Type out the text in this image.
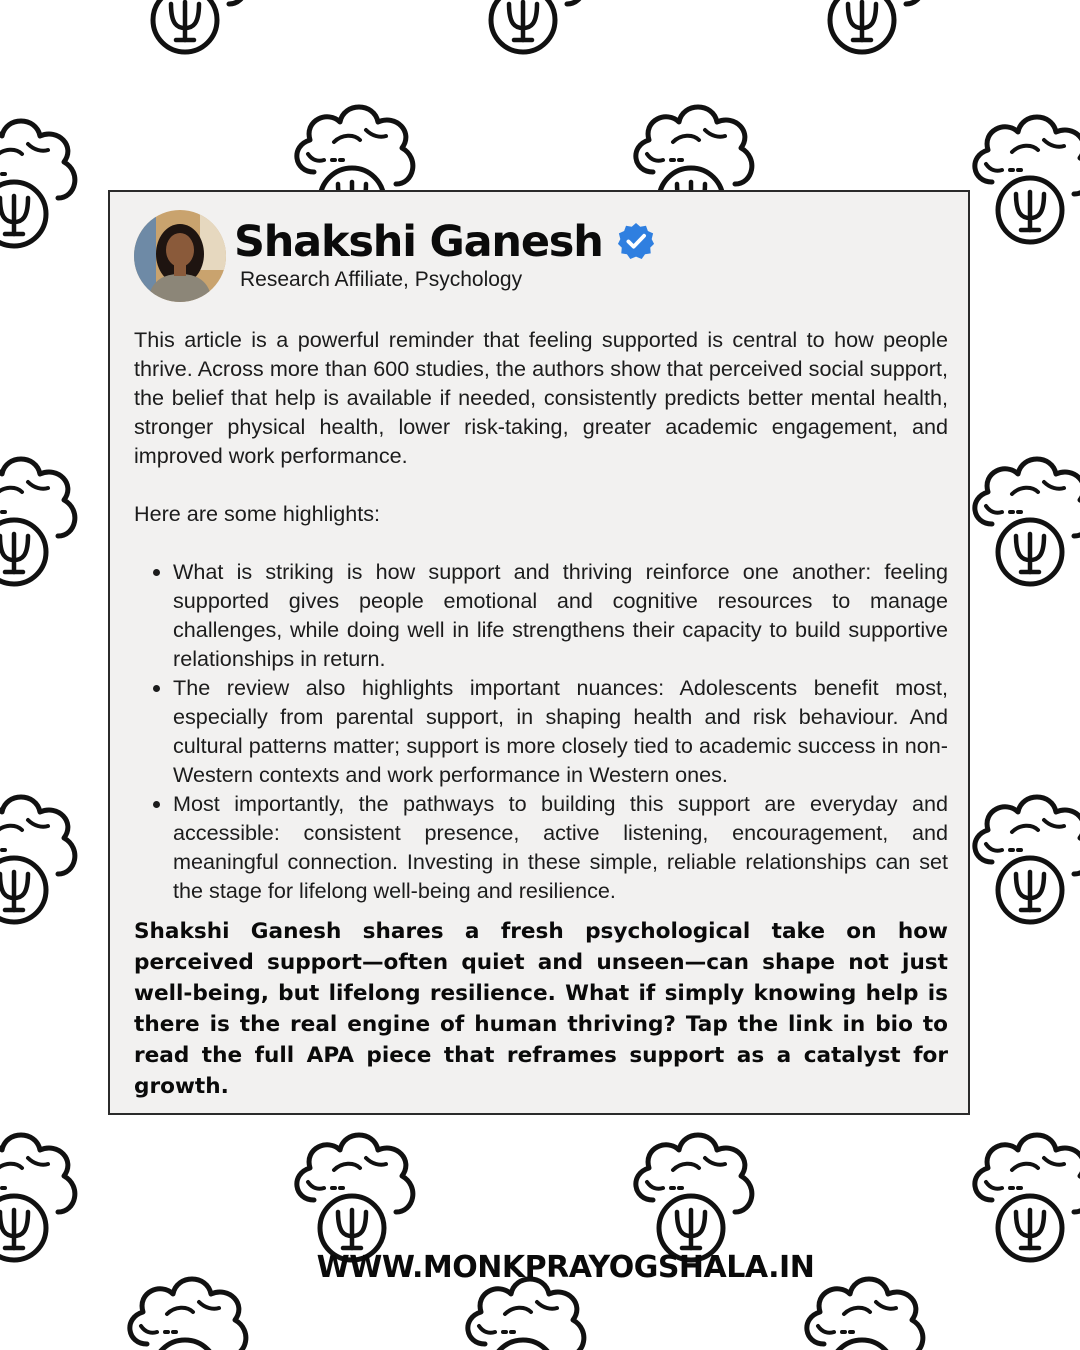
Shakshi Ganesh
Research Affiliate, Psychology

This article is a powerful reminder that feeling supported is central to how people thrive. Across more than 600 studies, the authors show that perceived social support, the belief that help is available if needed, consistently predicts better mental health, stronger physical health, lower risk-taking, greater academic engagement, and improved work performance.

Here are some highlights:

• What is striking is how support and thriving reinforce one another: feeling supported gives people emotional and cognitive resources to manage challenges, while doing well in life strengthens their capacity to build supportive relationships in return.
• The review also highlights important nuances: Adolescents benefit most, especially from parental support, in shaping health and risk behaviour. And cultural patterns matter; support is more closely tied to academic success in non-Western contexts and work performance in Western ones.
• Most importantly, the pathways to building this support are everyday and accessible: consistent presence, active listening, encouragement, and meaningful connection. Investing in these simple, reliable relationships can set the stage for lifelong well-being and resilience.

Shakshi Ganesh shares a fresh psychological take on how perceived support—often quiet and unseen—can shape not just well-being, but lifelong resilience. What if simply knowing help is there is the real engine of human thriving? Tap the link in bio to read the full APA piece that reframes support as a catalyst for growth.

WWW.MONKPRAYOGSHALA.IN
